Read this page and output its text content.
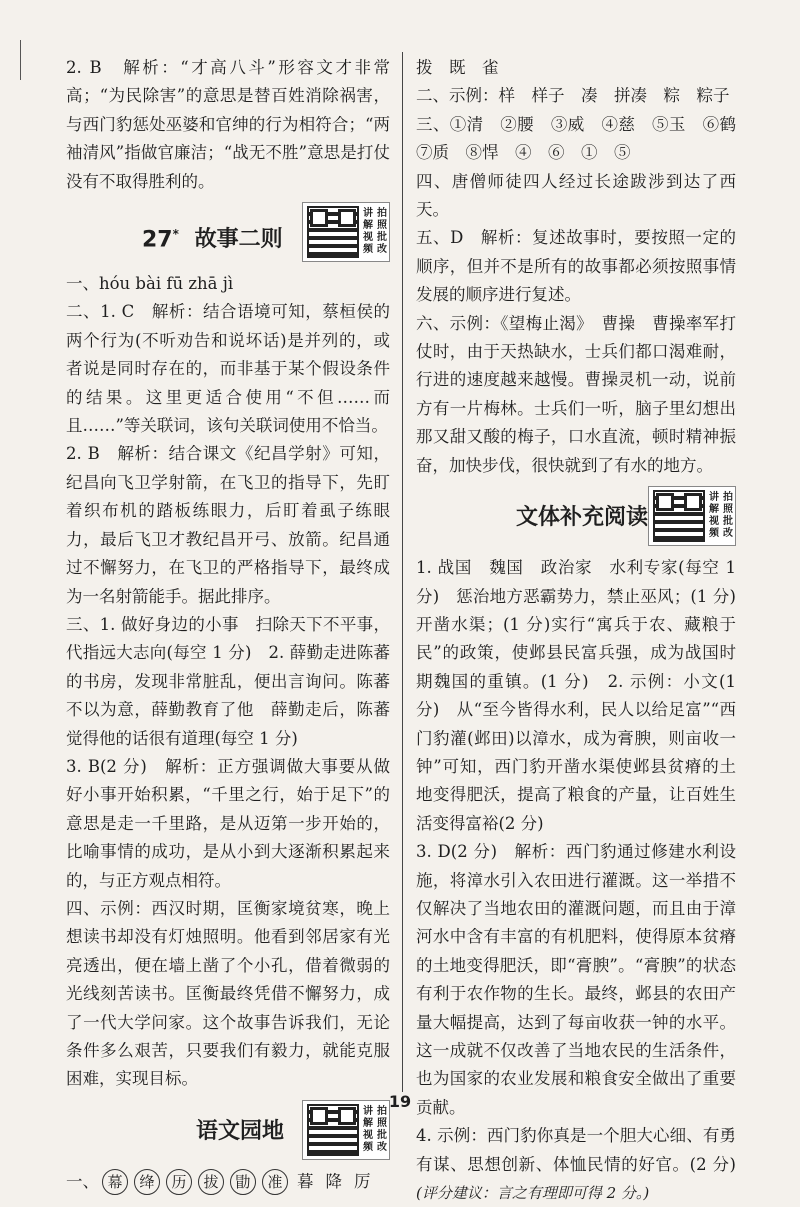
2. B　解析：“才高八斗”形容文才非常高；“为民除害”的意思是替百姓消除祸害，与西门豹惩处巫婆和官绅的行为相符合；“两袖清风”指做官廉洁；“战无不胜”意思是打仗没有不取得胜利的。

27* 故事二则
讲 拍
解 照
视 批
频 改

一、hóu bài fū zhā jì

二、1. C　解析：结合语境可知，蔡桓侯的两个行为(不听劝告和说坏话)是并列的，或者说是同时存在的，而非基于某个假设条件的结果。这里更适合使用“不但……而且……”等关联词，该句关联词使用不恰当。

2. B　解析：结合课文《纪昌学射》可知，纪昌向飞卫学射箭，在飞卫的指导下，先盯着织布机的踏板练眼力，后盯着虱子练眼力，最后飞卫才教纪昌开弓、放箭。纪昌通过不懈努力，在飞卫的严格指导下，最终成为一名射箭能手。据此排序。

三、1. 做好身边的小事　扫除天下不平事，代指远大志向(每空 1 分)　2. 薛勤走进陈蕃的书房，发现非常脏乱，便出言询问。陈蕃不以为意，薛勤教育了他　薛勤走后，陈蕃觉得他的话很有道理(每空 1 分)

3. B(2 分)　解析：正方强调做大事要从做好小事开始积累，“千里之行，始于足下”的意思是走一千里路，是从迈第一步开始的，比喻事情的成功，是从小到大逐渐积累起来的，与正方观点相符。

四、示例：西汉时期，匡衡家境贫寒，晚上想读书却没有灯烛照明。他看到邻居家有光亮透出，便在墙上凿了个小孔，借着微弱的光线刻苦读书。匡衡最终凭借不懈努力，成了一代大学问家。这个故事告诉我们，无论条件多么艰苦，只要我们有毅力，就能克服困难，实现目标。

语文园地
讲 拍
解 照
视 批
频 改

一、 幕 绛 历 拔 勖 准 暮 降 厉

拨　既　雀

二、示例：样　样子　凑　拼凑　粽　粽子

三、①清　②腰　③威　④慈　⑤玉　⑥鹤　⑦质　⑧悍　④　⑥　①　⑤

四、唐僧师徒四人经过长途跋涉到达了西天。

五、D　解析：复述故事时，要按照一定的顺序，但并不是所有的故事都必须按照事情发展的顺序进行复述。

六、示例：《望梅止渴》　曹操　曹操率军打仗时，由于天热缺水，士兵们都口渴难耐，行进的速度越来越慢。曹操灵机一动，说前方有一片梅林。士兵们一听，脑子里幻想出那又甜又酸的梅子，口水直流，顿时精神振奋，加快步伐，很快就到了有水的地方。

文体补充阅读
讲 拍
解 照
视 批
频 改

1. 战国　魏国　政治家　水利专家(每空 1 分)　惩治地方恶霸势力，禁止巫风；(1 分)开凿水渠；(1 分)实行“寓兵于农、藏粮于民”的政策，使邺县民富兵强，成为战国时期魏国的重镇。(1 分)　2. 示例：小文(1 分)　从“至今皆得水利，民人以给足富”“西门豹灌(邺田)以漳水，成为膏腴，则亩收一钟”可知，西门豹开凿水渠使邺县贫瘠的土地变得肥沃，提高了粮食的产量，让百姓生活变得富裕(2 分)

3. D(2 分)　解析：西门豹通过修建水利设施，将漳水引入农田进行灌溉。这一举措不仅解决了当地农田的灌溉问题，而且由于漳河水中含有丰富的有机肥料，使得原本贫瘠的土地变得肥沃，即“膏腴”。“膏腴”的状态有利于农作物的生长。最终，邺县的农田产量大幅提高，达到了每亩收获一钟的水平。这一成就不仅改善了当地农民的生活条件，也为国家的农业发展和粮食安全做出了重要贡献。

4. 示例：西门豹你真是一个胆大心细、有勇有谋、思想创新、体恤民情的好官。(2 分)(评分建议：言之有理即可得 2 分。)

19
